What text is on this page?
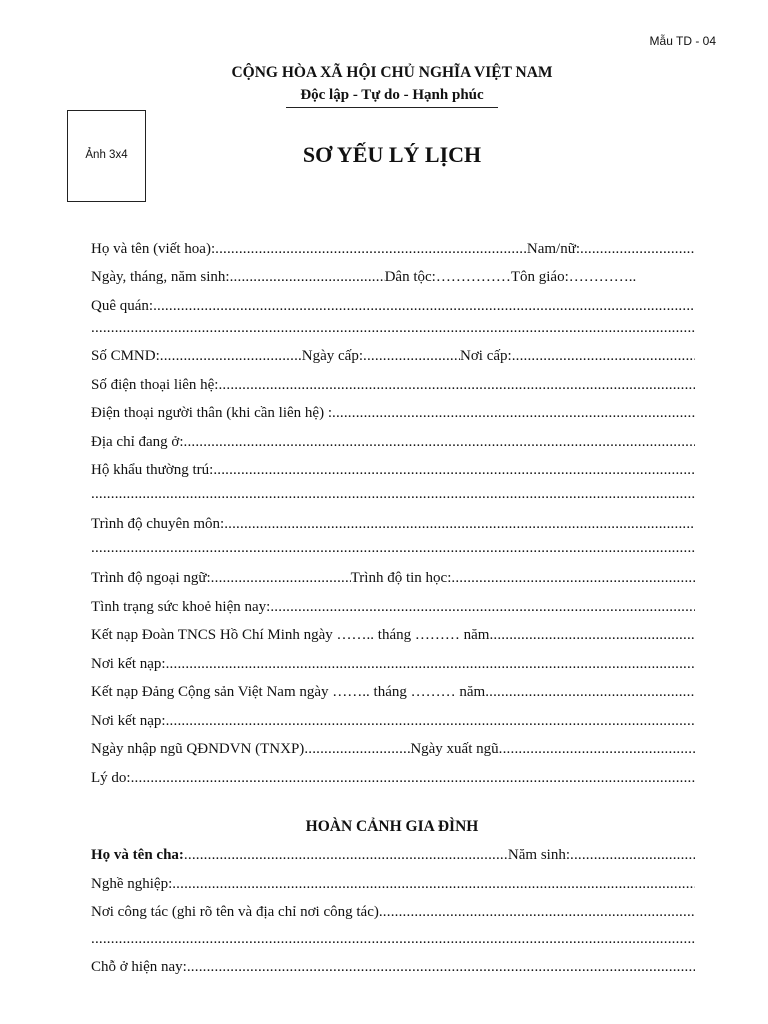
Mẫu TD - 04
CỘNG HÒA XÃ HỘI CHỦ NGHĨA VIỆT NAM
Độc lập - Tự do - Hạnh phúc
Ảnh 3x4	SƠ YẾU LÝ LỊCH
Họ và tên (viết hoa): .....	Nam/nữ:
.....
Ngày, tháng, năm sinh: .....	Dân tộc: …………… Tôn giáo: …………..
Quê quán:
.....
.....
Số CMND: .....	Ngày cấp: .....	Nơi cấp:
.....
Số điện thoại liên hệ:
.....
Điện thoại người thân (khi cần liên hệ) :
.....
Địa chỉ đang ở:
.....
Hộ khẩu thường trú:
.....
.....
Trình độ chuyên môn:
.....
.....
Trình độ ngoại ngữ: .....	Trình độ tin học:
.....
Tình trạng sức khoẻ hiện nay:
.....
Kết nạp Đoàn TNCS Hồ Chí Minh ngày …….. tháng ……… năm
.....
Nơi kết nạp:
.....
Kết nạp Đảng Cộng sản Việt Nam ngày …….. tháng ……… năm
.....
Nơi kết nạp:
.....
Ngày nhập ngũ QĐNDVN (TNXP) .....	Ngày xuất ngũ
.....
Lý do:
.....
HOÀN CẢNH GIA ĐÌNH
Họ và tên cha: .....	Năm sinh:
.....
Nghề nghiệp:
.....
Nơi công tác (ghi rõ tên và địa chỉ nơi công tác)
.....
.....
Chỗ ở hiện nay:
.....
